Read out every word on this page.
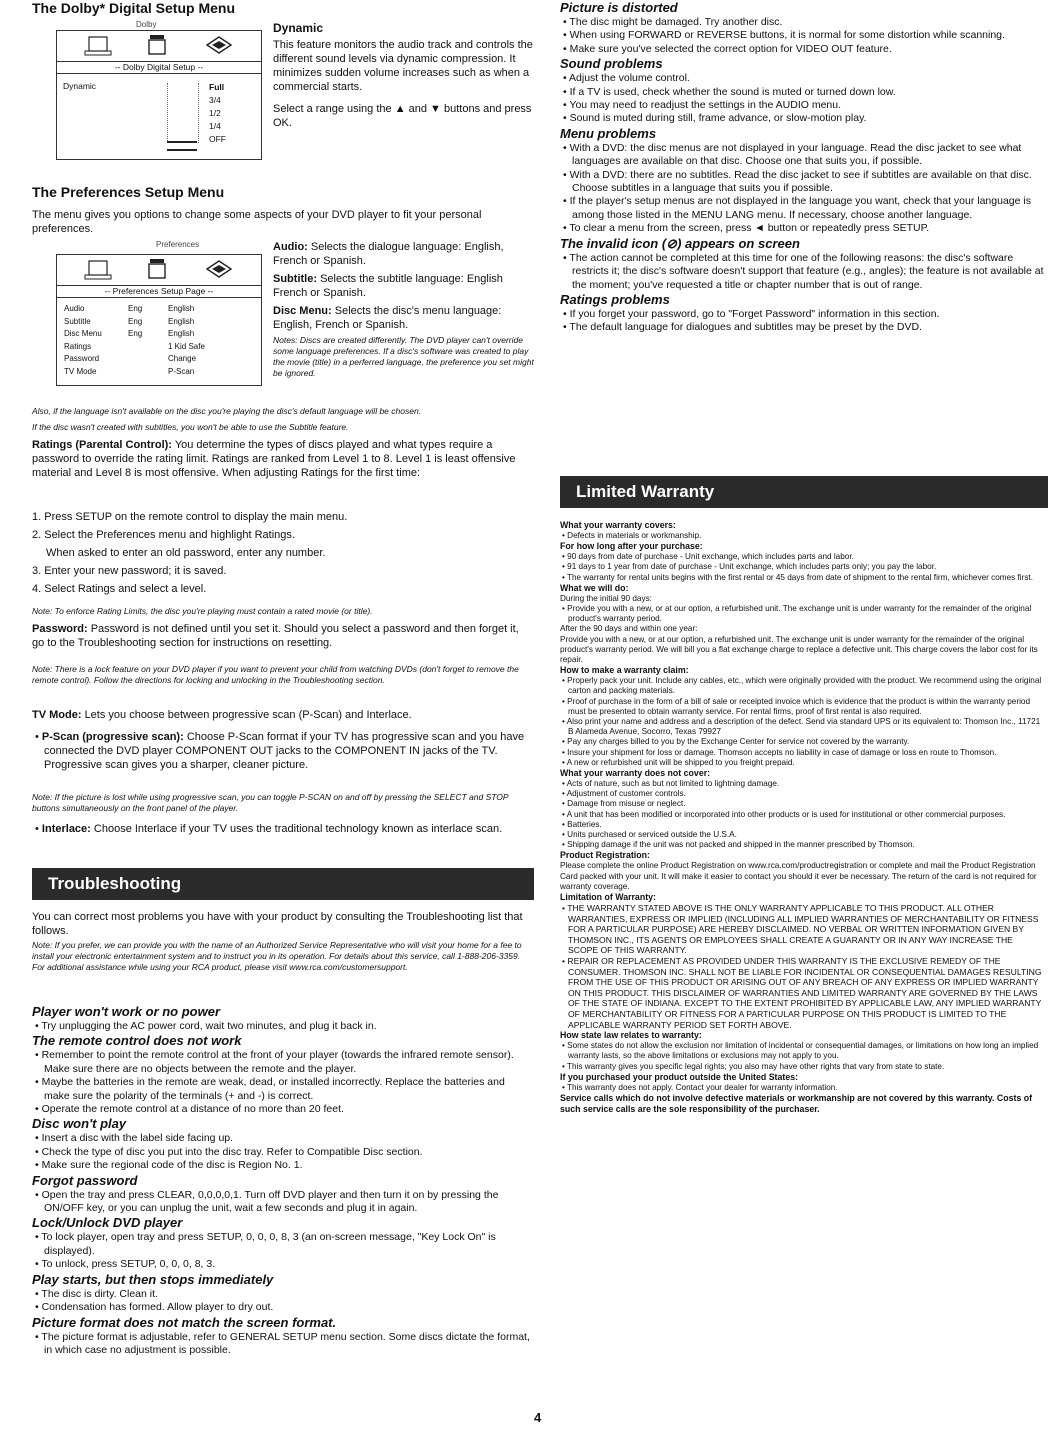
The Dolby* Digital Setup Menu
Dolby
-- Dolby Digital Setup --
Dynamic	Full
3/4
1/2
1/4
OFF
Dynamic

This feature monitors the audio track and controls the different sound levels via dynamic compression. It minimizes sudden volume increases such as when a commercial starts.

Select a range using the ▲ and ▼ buttons and press OK.

The Preferences Setup Menu

The menu gives you options to change some aspects of your DVD player to fit your personal preferences.

Preferences
-- Preferences Setup Page --
Audio	Eng	English
Subtitle	Eng	English
Disc Menu	Eng	English
Ratings		1 Kid Safe
Password		Change
TV Mode		P-Scan

Audio: Selects the dialogue language: English, French or Spanish.

Subtitle: Selects the subtitle language: English French or Spanish.

Disc Menu: Selects the disc's menu language: English, French or Spanish.

Notes: Discs are created differently. The DVD player can't override some language preferences. If a disc's software was created to play the movie (title) in a perferred language, the preference you set might be ignored.

Also, if the language isn't available on the disc you're playing the disc's default language will be chosen.

If the disc wasn't created with subtitles, you won't be able to use the Subtitle feature.

Ratings (Parental Control): You determine the types of discs played and what types require a password to override the rating limit. Ratings are ranked from Level 1 to 8. Level 1 is least offensive material and Level 8 is most offensive. When adjusting Ratings for the first time:

1. Press SETUP on the remote control to display the main menu.

2. Select the Preferences menu and highlight Ratings.

When asked to enter an old password, enter any number.

3. Enter your new password; it is saved.

4. Select Ratings and select a level.

Note: To enforce Rating Limits, the disc you're playing must contain a rated movie (or title).

Password: Password is not defined until you set it. Should you select a password and then forget it, go to the Troubleshooting section for instructions on resetting.

Note: There is a lock feature on your DVD player if you want to prevent your child from watching DVDs (don't forget to remove the remote control). Follow the directions for locking and unlocking in the Troubleshooting section.

TV Mode: Lets you choose between progressive scan (P-Scan) and Interlace.

• P-Scan (progressive scan): Choose P-Scan format if your TV has progressive scan and you have connected the DVD player COMPONENT OUT jacks to the COMPONENT IN jacks of the TV. Progressive scan gives you a sharper, cleaner picture.

Note: If the picture is lost while using progressive scan, you can toggle P-SCAN on and off by pressing the SELECT and STOP buttons simultaneously on the front panel of the player.

• Interlace: Choose Interlace if your TV uses the traditional technology known as interlace scan.

Troubleshooting

You can correct most problems you have with your product by consulting the Troubleshooting list that follows.

Note: If you prefer, we can provide you with the name of an Authorized Service Representative who will visit your home for a fee to install your electronic entertainment system and to instruct you in its operation. For details about this service, call 1-888-206-3359. For additional assistance while using your RCA product, please visit www.rca.com/customersupport.

Player won't work or no power

• Try unplugging the AC power cord, wait two minutes, and plug it back in.

The remote control does not work

• Remember to point the remote control at the front of your player (towards the infrared remote sensor). Make sure there are no objects between the remote and the player.

• Maybe the batteries in the remote are weak, dead, or installed incorrectly. Replace the batteries and make sure the polarity of the terminals (+ and -) is correct.

• Operate the remote control at a distance of no more than 20 feet.

Disc won't play

• Insert a disc with the label side facing up.

• Check the type of disc you put into the disc tray. Refer to Compatible Disc section.

• Make sure the regional code of the disc is Region No. 1.

Forgot password

• Open the tray and press CLEAR, 0,0,0,0,1. Turn off DVD player and then turn it on by pressing the ON/OFF key, or you can unplug the unit, wait a few seconds and plug it in again.

Lock/Unlock DVD player

• To lock player, open tray and press SETUP, 0, 0, 0, 8, 3 (an on-screen message, "Key Lock On" is displayed).

• To unlock, press SETUP, 0, 0, 0, 8, 3.

Play starts, but then stops immediately

• The disc is dirty. Clean it.

• Condensation has formed. Allow player to dry out.

Picture format does not match the screen format.

• The picture format is adjustable, refer to GENERAL SETUP menu section. Some discs dictate the format, in which case no adjustment is possible.

Picture is distorted

• The disc might be damaged. Try another disc.

• When using FORWARD or REVERSE buttons, it is normal for some distortion while scanning.

• Make sure you've selected the correct option for VIDEO OUT feature.

Sound problems

• Adjust the volume control.

• If a TV is used, check whether the sound is muted or turned down low.

• You may need to readjust the settings in the AUDIO menu.

• Sound is muted during still, frame advance, or slow-motion play.

Menu problems

• With a DVD: the disc menus are not displayed in your language. Read the disc jacket to see what languages are available on that disc. Choose one that suits you, if possible.

• With a DVD: there are no subtitles. Read the disc jacket to see if subtitles are available on that disc. Choose subtitles in a language that suits you if possible.

• If the player's setup menus are not displayed in the language you want, check that your language is among those listed in the MENU LANG menu. If necessary, choose another language.

• To clear a menu from the screen, press ◄ button or repeatedly press SETUP.

The invalid icon (⊘) appears on screen

• The action cannot be completed at this time for one of the following reasons: the disc's software restricts it; the disc's software doesn't support that feature (e.g., angles); the feature is not available at the moment; you've requested a title or chapter number that is out of range.

Ratings problems

• If you forget your password, go to "Forget Password" information in this section.

• The default language for dialogues and subtitles may be preset by the DVD.

Limited Warranty

What your warranty covers:

• Defects in materials or workmanship.

For how long after your purchase:

• 90 days from date of purchase - Unit exchange, which includes parts and labor.

• 91 days to 1 year from date of purchase - Unit exchange, which includes parts only; you pay the labor.

• The warranty for rental units begins with the first rental or 45 days from date of shipment to the rental firm, whichever comes first.

What we will do:

During the initial 90 days:

• Provide you with a new, or at our option, a refurbished unit. The exchange unit is under warranty for the remainder of the original product's warranty period.

After the 90 days and within one year:

Provide you with a new, or at our option, a refurbished unit. The exchange unit is under warranty for the remainder of the original product's warranty period. We will bill you a flat exchange charge to replace a defective unit. This charge covers the labor cost for its repair.

How to make a warranty claim:

• Properly pack your unit. Include any cables, etc., which were originally provided with the product. We recommend using the original carton and packing materials.

• Proof of purchase in the form of a bill of sale or receipted invoice which is evidence that the product is within the warranty period must be presented to obtain warranty service. For rental firms, proof of first rental is also required.

• Also print your name and address and a description of the defect. Send via standard UPS or its equivalent to: Thomson Inc., 11721 B Alameda Avenue, Socorro, Texas 79927

• Pay any charges billed to you by the Exchange Center for service not covered by the warranty.

• Insure your shipment for loss or damage. Thomson accepts no liability in case of damage or loss en route to Thomson.

• A new or refurbished unit will be shipped to you freight prepaid.

What your warranty does not cover:

• Acts of nature, such as but not limited to lightning damage.

• Adjustment of customer controls.

• Damage from misuse or neglect.

• A unit that has been modified or incorporated into other products or is used for institutional or other commercial purposes.

• Batteries.

• Units purchased or serviced outside the U.S.A.

• Shipping damage if the unit was not packed and shipped in the manner prescribed by Thomson.

Product Registration:

Please complete the online Product Registration on www.rca.com/productregistration or complete and mail the Product Registration Card packed with your unit. It will make it easier to contact you should it ever be necessary. The return of the card is not required for warranty coverage.

Limitation of Warranty:

• THE WARRANTY STATED ABOVE IS THE ONLY WARRANTY APPLICABLE TO THIS PRODUCT. ALL OTHER WARRANTIES, EXPRESS OR IMPLIED (INCLUDING ALL IMPLIED WARRANTIES OF MERCHANTABILITY OR FITNESS FOR A PARTICULAR PURPOSE) ARE HEREBY DISCLAIMED. NO VERBAL OR WRITTEN INFORMATION GIVEN BY THOMSON INC., ITS AGENTS OR EMPLOYEES SHALL CREATE A GUARANTY OR IN ANY WAY INCREASE THE SCOPE OF THIS WARRANTY.

• REPAIR OR REPLACEMENT AS PROVIDED UNDER THIS WARRANTY IS THE EXCLUSIVE REMEDY OF THE CONSUMER. THOMSON INC. SHALL NOT BE LIABLE FOR INCIDENTAL OR CONSEQUENTIAL DAMAGES RESULTING FROM THE USE OF THIS PRODUCT OR ARISING OUT OF ANY BREACH OF ANY EXPRESS OR IMPLIED WARRANTY ON THIS PRODUCT. THIS DISCLAIMER OF WARRANTIES AND LIMITED WARRANTY ARE GOVERNED BY THE LAWS OF THE STATE OF INDIANA. EXCEPT TO THE EXTENT PROHIBITED BY APPLICABLE LAW, ANY IMPLIED WARRANTY OF MERCHANTABILITY OR FITNESS FOR A PARTICULAR PURPOSE ON THIS PRODUCT IS LIMITED TO THE APPLICABLE WARRANTY PERIOD SET FORTH ABOVE.

How state law relates to warranty:

• Some states do not allow the exclusion nor limitation of incidental or consequential damages, or limitations on how long an implied warranty lasts, so the above limitations or exclusions may not apply to you.

• This warranty gives you specific legal rights; you also may have other rights that vary from state to state.

If you purchased your product outside the United States:

• This warranty does not apply. Contact your dealer for warranty information.

Service calls which do not involve defective materials or workmanship are not covered by this warranty. Costs of such service calls are the sole responsibility of the purchaser.

4
